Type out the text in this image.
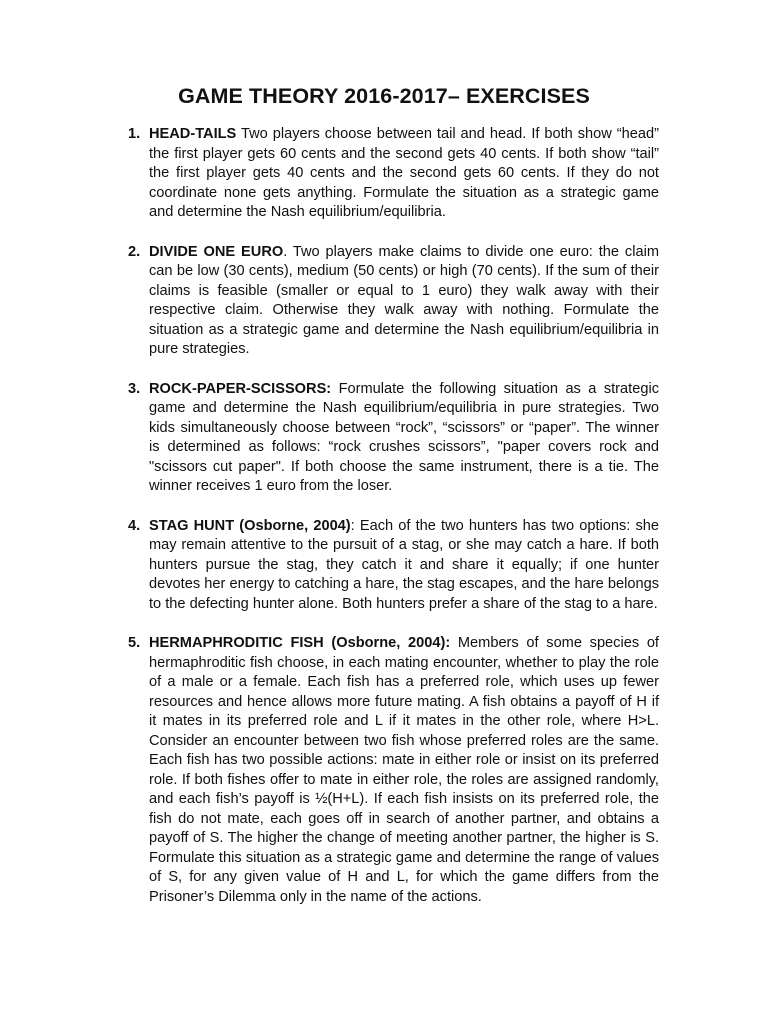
GAME THEORY 2016-2017– EXERCISES
1. HEAD-TAILS Two players choose between tail and head. If both show “head” the first player gets 60 cents and the second gets 40 cents. If both show “tail” the first player gets 40 cents and the second gets 60 cents. If they do not coordinate none gets anything. Formulate the situation as a strategic game and determine the Nash equilibrium/equilibria.
2. DIVIDE ONE EURO. Two players make claims to divide one euro: the claim can be low (30 cents), medium (50 cents) or high (70 cents). If the sum of their claims is feasible (smaller or equal to 1 euro) they walk away with their respective claim. Otherwise they walk away with nothing. Formulate the situation as a strategic game and determine the Nash equilibrium/equilibria in pure strategies.
3. ROCK-PAPER-SCISSORS: Formulate the following situation as a strategic game and determine the Nash equilibrium/equilibria in pure strategies. Two kids simultaneously choose between “rock”, “scissors” or “paper”. The winner is determined as follows: “rock crushes scissors”, "paper covers rock and "scissors cut paper". If both choose the same instrument, there is a tie. The winner receives 1 euro from the loser.
4. STAG HUNT (Osborne, 2004): Each of the two hunters has two options: she may remain attentive to the pursuit of a stag, or she may catch a hare. If both hunters pursue the stag, they catch it and share it equally; if one hunter devotes her energy to catching a hare, the stag escapes, and the hare belongs to the defecting hunter alone. Both hunters prefer a share of the stag to a hare.
5. HERMAPHRODITIC FISH (Osborne, 2004): Members of some species of hermaphroditic fish choose, in each mating encounter, whether to play the role of a male or a female. Each fish has a preferred role, which uses up fewer resources and hence allows more future mating. A fish obtains a payoff of H if it mates in its preferred role and L if it mates in the other role, where H>L. Consider an encounter between two fish whose preferred roles are the same. Each fish has two possible actions: mate in either role or insist on its preferred role. If both fishes offer to mate in either role, the roles are assigned randomly, and each fish’s payoff is ½(H+L). If each fish insists on its preferred role, the fish do not mate, each goes off in search of another partner, and obtains a payoff of S. The higher the change of meeting another partner, the higher is S. Formulate this situation as a strategic game and determine the range of values of S, for any given value of H and L, for which the game differs from the Prisoner’s Dilemma only in the name of the actions.
